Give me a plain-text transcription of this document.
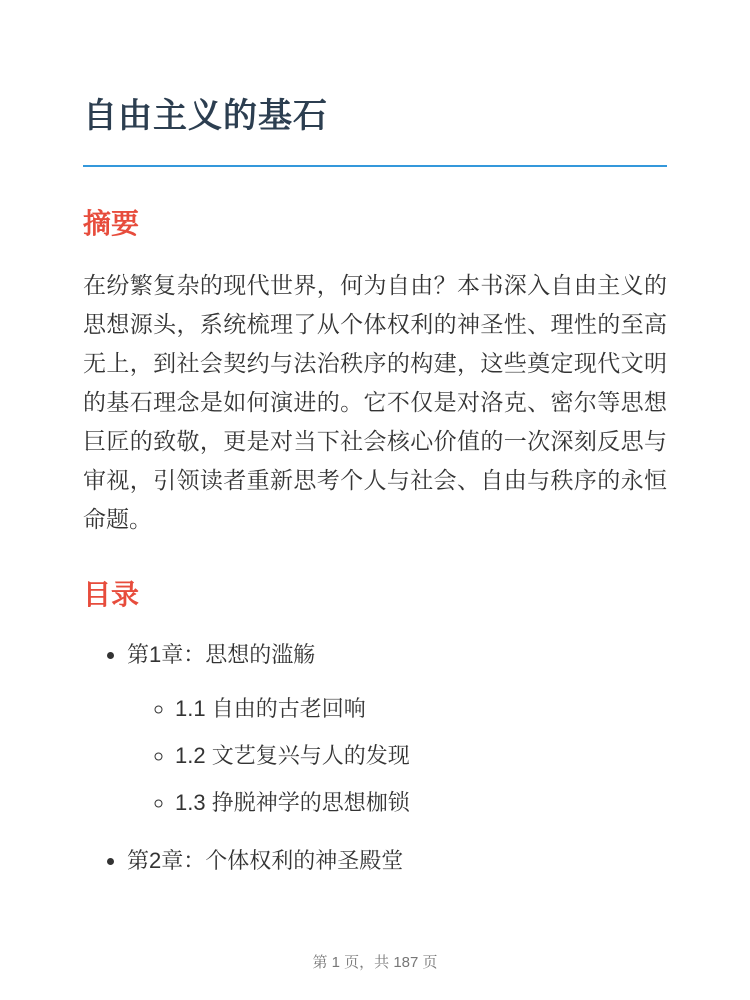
自由主义的基石
摘要

在纷繁复杂的现代世界，何为自由？本书深入自由主义的思想源头，系统梳理了从个体权利的神圣性、理性的至高无上，到社会契约与法治秩序的构建，这些奠定现代文明的基石理念是如何演进的。它不仅是对洛克、密尔等思想巨匠的致敬，更是对当下社会核心价值的一次深刻反思与审视，引领读者重新思考个人与社会、自由与秩序的永恒命题。

目录
• 第1章：思想的滥觞
◦ 1.1 自由的古老回响
◦ 1.2 文艺复兴与人的发现
◦ 1.3 挣脱神学的思想枷锁
• 第2章：个体权利的神圣殿堂
第 1 页，共 187 页
